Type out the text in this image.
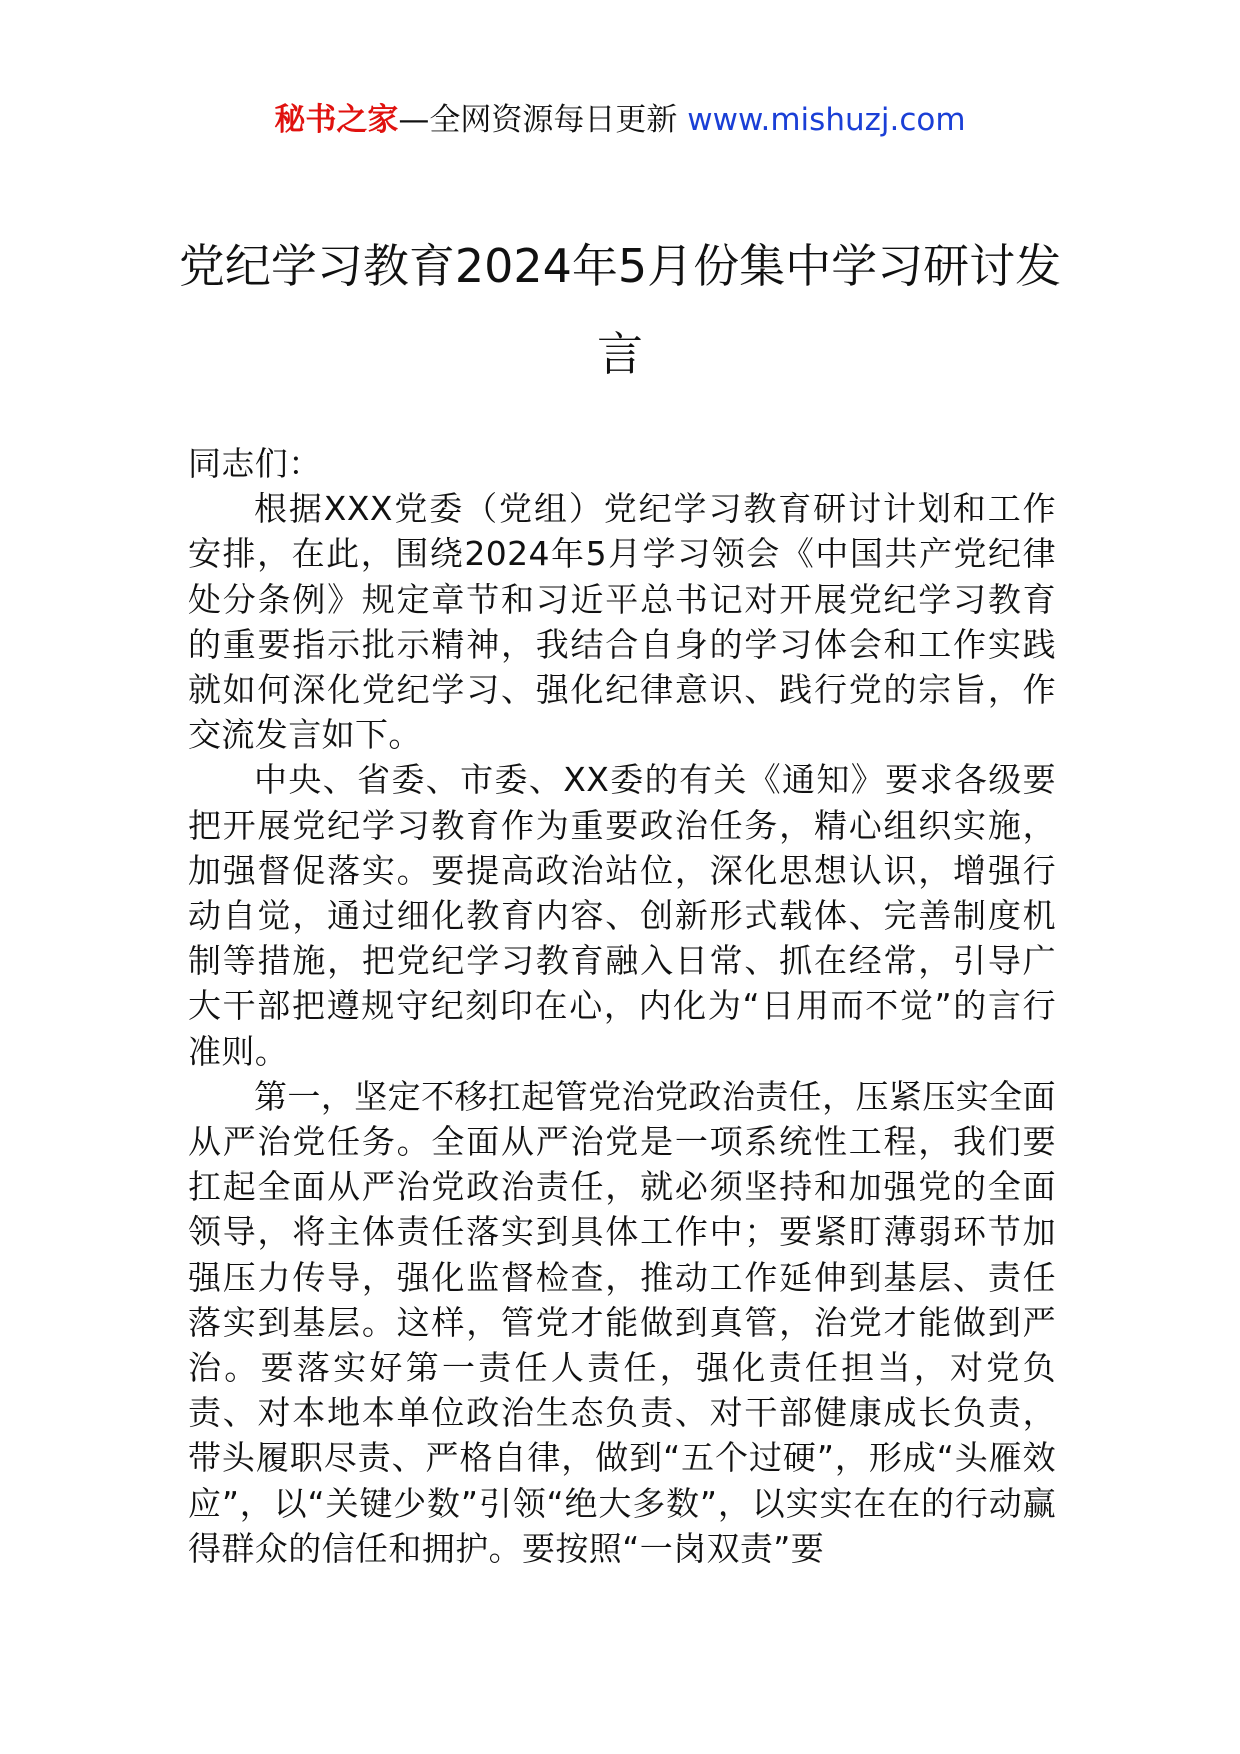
秘书之家—全网资源每日更新 www.mishuzj.com
党纪学习教育2024年5月份集中学习研讨发言

同志们：

根据XXX党委（党组）党纪学习教育研讨计划和工作安排，在此，围绕2024年5月学习领会《中国共产党纪律处分条例》规定章节和习近平总书记对开展党纪学习教育的重要指示批示精神，我结合自身的学习体会和工作实践就如何深化党纪学习、强化纪律意识、践行党的宗旨，作交流发言如下。

中央、省委、市委、XX委的有关《通知》要求各级要把开展党纪学习教育作为重要政治任务，精心组织实施，加强督促落实。要提高政治站位，深化思想认识，增强行动自觉，通过细化教育内容、创新形式载体、完善制度机制等措施，把党纪学习教育融入日常、抓在经常，引导广大干部把遵规守纪刻印在心，内化为“日用而不觉”的言行准则。

第一，坚定不移扛起管党治党政治责任，压紧压实全面从严治党任务。全面从严治党是一项系统性工程，我们要扛起全面从严治党政治责任，就必须坚持和加强党的全面领导，将主体责任落实到具体工作中；要紧盯薄弱环节加强压力传导，强化监督检查，推动工作延伸到基层、责任落实到基层。这样，管党才能做到真管，治党才能做到严治。要落实好第一责任人责任，强化责任担当，对党负责、对本地本单位政治生态负责、对干部健康成长负责，带头履职尽责、严格自律，做到“五个过硬”，形成“头雁效应”，以“关键少数”引领“绝大多数”，以实实在在的行动赢得群众的信任和拥护。要按照“一岗双责”要
